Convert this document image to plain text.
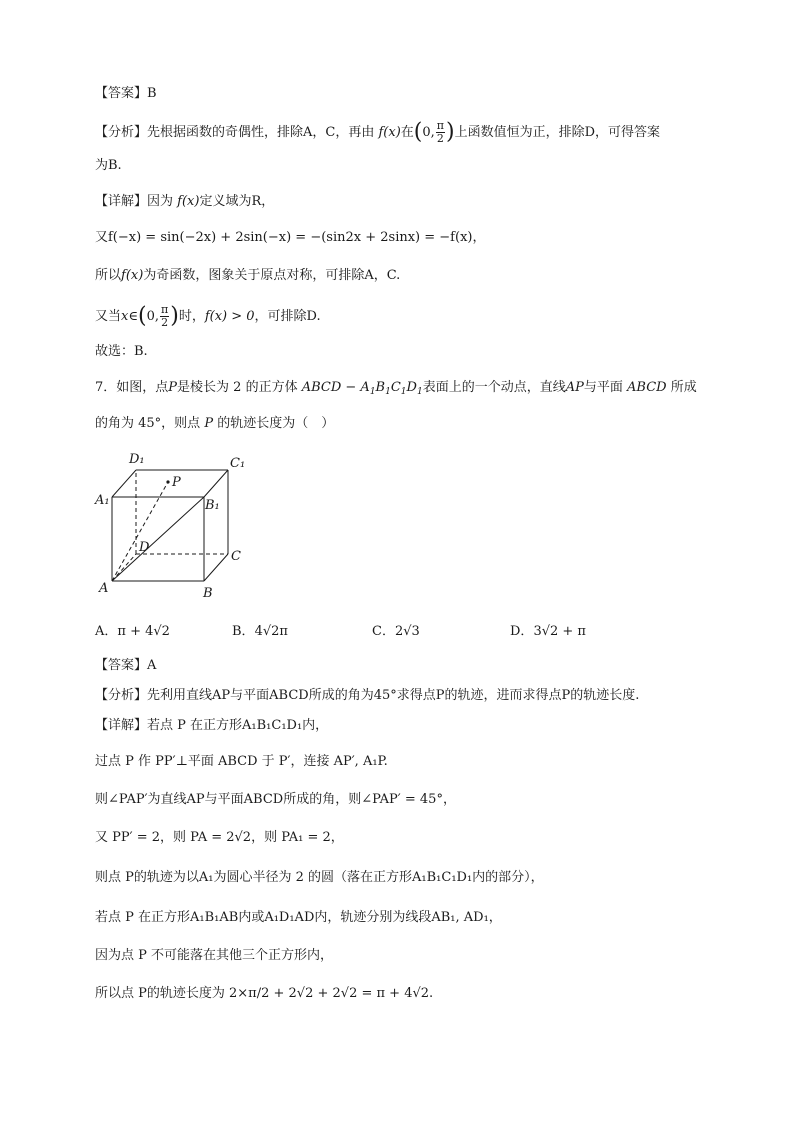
【答案】B
【分析】先根据函数的奇偶性，排除A，C，再由 f(x)在(0, $\frac{\pi}{2}$ )上函数值恒为正，排除D，可得答案
为B.
【详解】因为 f(x)定义域为R，
又f(−x) = sin(−2x) + 2sin(−x) = −(sin2x + 2sinx) = −f(x)，
所以f(x)为奇函数，图象关于原点对称，可排除A，C.
又当x∈(0, $\frac{\pi}{2}$ )时，f(x) > 0，可排除D.
故选：B.
7．如图，点P是棱长为 2 的正方体 ABCD − $A_1B_1C_1D_1$表面上的一个动点，直线AP与平面 ABCD 所成
的角为 45°，则点 P 的轨迹长度为（　）
D₁	C₁
A₁	B₁
P
D
C
A	B
A．π + 4√2	B．4√2π	C．2√3	D．3√2 + π
【答案】A
【分析】先利用直线AP与平面ABCD所成的角为45°求得点P的轨迹，进而求得点P的轨迹长度.
【详解】若点 P 在正方形A₁B₁C₁D₁内，
过点 P 作 PP′⊥平面 ABCD 于 P′，连接 AP′, A₁P.
则∠PAP′为直线AP与平面ABCD所成的角，则∠PAP′ = 45°，
又 PP′ = 2，则 PA = 2√2，则 PA₁ = 2，
则点 P的轨迹为以A₁为圆心半径为 2 的圆（落在正方形A₁B₁C₁D₁内的部分），
若点 P 在正方形A₁B₁AB内或A₁D₁AD内，轨迹分别为线段AB₁, AD₁，
因为点 P 不可能落在其他三个正方形内，
所以点 P的轨迹长度为 2×π/2 + 2√2 + 2√2 = π + 4√2.
